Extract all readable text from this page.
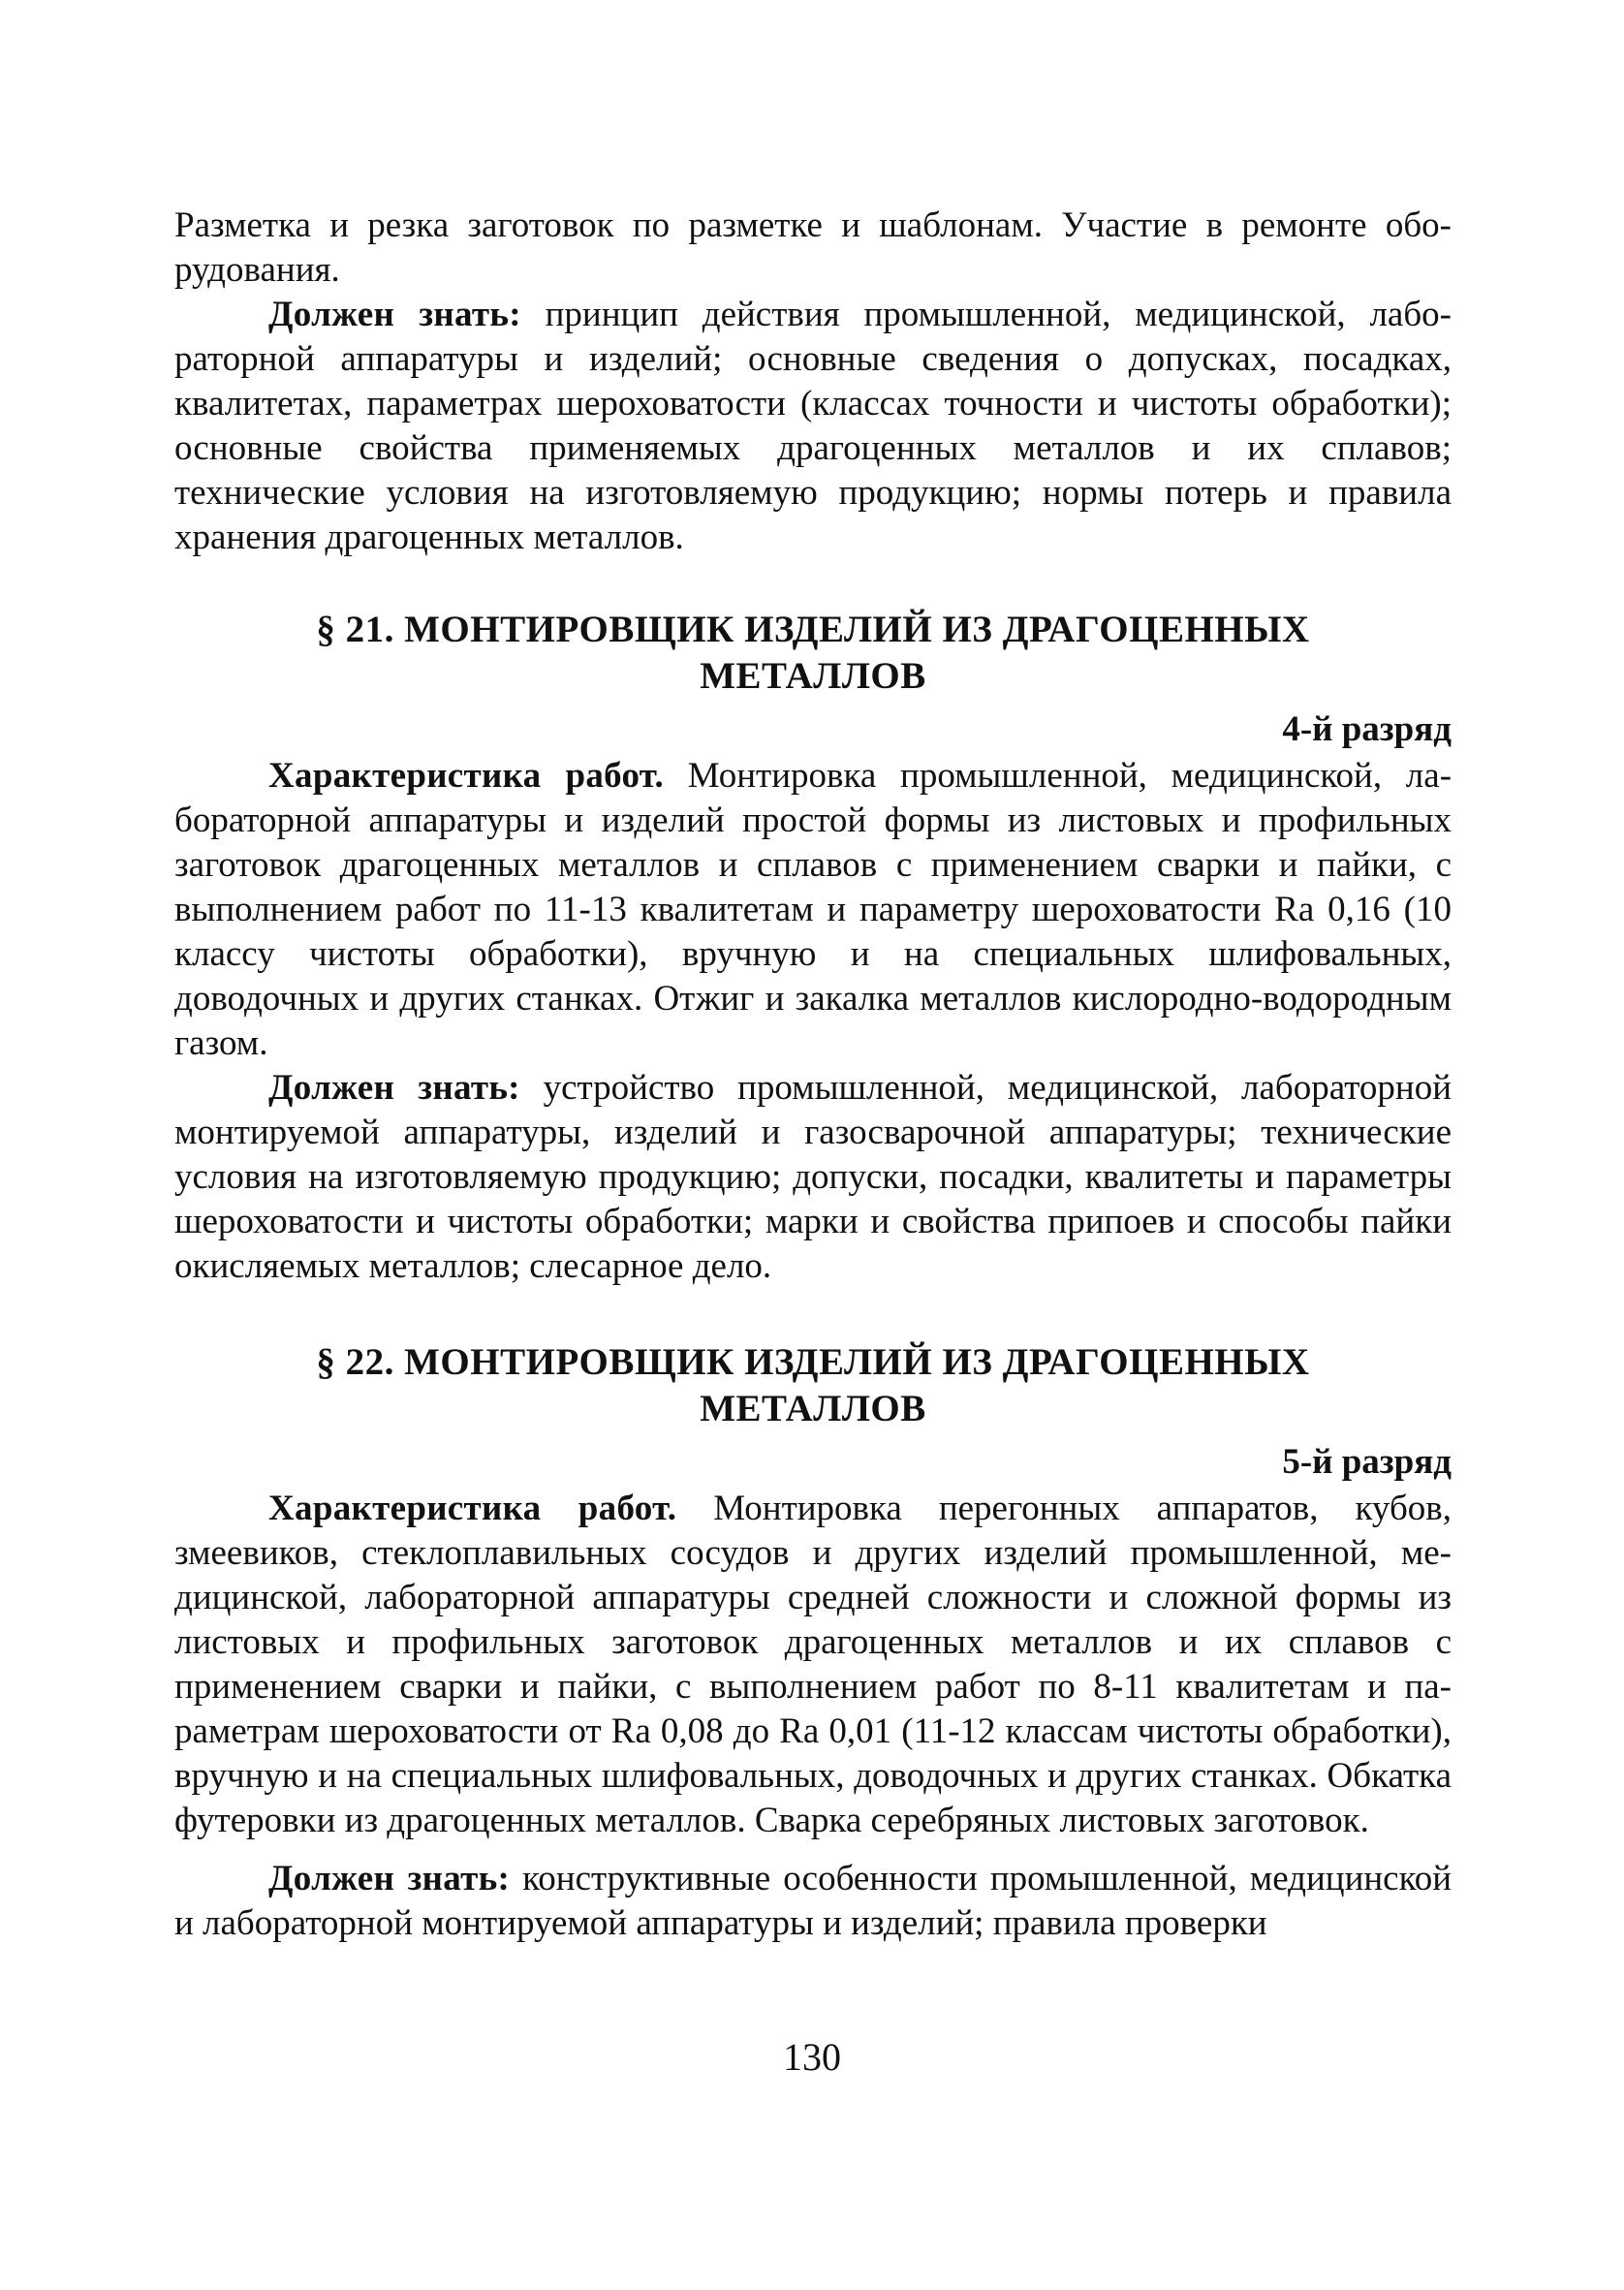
Разметка и резка заготовок по разметке и шаблонам. Участие в ремонте оборудования.

Должен знать: принцип действия промышленной, медицинской, лабораторной аппаратуры и изделий; основные сведения о допусках, посадках, квалитетах, параметрах шероховатости (классах точности и чистоты обработки); основные свойства применяемых драгоценных металлов и их сплавов; технические условия на изготовляемую продукцию; нормы потерь и правила хранения драгоценных металлов.

§ 21. МОНТИРОВЩИК ИЗДЕЛИЙ ИЗ ДРАГОЦЕННЫХ
МЕТАЛЛОВ
4-й разряд

Характеристика работ. Монтировка промышленной, медицинской, лабораторной аппаратуры и изделий простой формы из листовых и профильных заготовок драгоценных металлов и сплавов с применением сварки и пайки, с выполнением работ по 11-13 квалитетам и параметру шероховатости Ra 0,16 (10 классу чистоты обработки), вручную и на специальных шлифовальных, доводочных и других станках. Отжиг и закалка металлов кислородно-водородным газом.

Должен знать: устройство промышленной, медицинской, лабораторной монтируемой аппаратуры, изделий и газосварочной аппаратуры; технические условия на изготовляемую продукцию; допуски, посадки, квалитеты и параметры шероховатости и чистоты обработки; марки и свойства припоев и способы пайки окисляемых металлов; слесарное дело.

§ 22. МОНТИРОВЩИК ИЗДЕЛИЙ ИЗ ДРАГОЦЕННЫХ
МЕТАЛЛОВ
5-й разряд

Характеристика работ. Монтировка перегонных аппаратов, кубов, змеевиков, стеклоплавильных сосудов и других изделий промышленной, медицинской, лабораторной аппаратуры средней сложности и сложной формы из листовых и профильных заготовок драгоценных металлов и их сплавов с применением сварки и пайки, с выполнением работ по 8-11 квалитетам и параметрам шероховатости от Ra 0,08 до Ra 0,01 (11-12 классам чистоты обработки), вручную и на специальных шлифовальных, доводочных и других станках. Обкатка футеровки из драгоценных металлов. Сварка серебряных листовых заготовок.

Должен знать: конструктивные особенности промышленной, медицинской и лабораторной монтируемой аппаратуры и изделий; правила проверки

130
